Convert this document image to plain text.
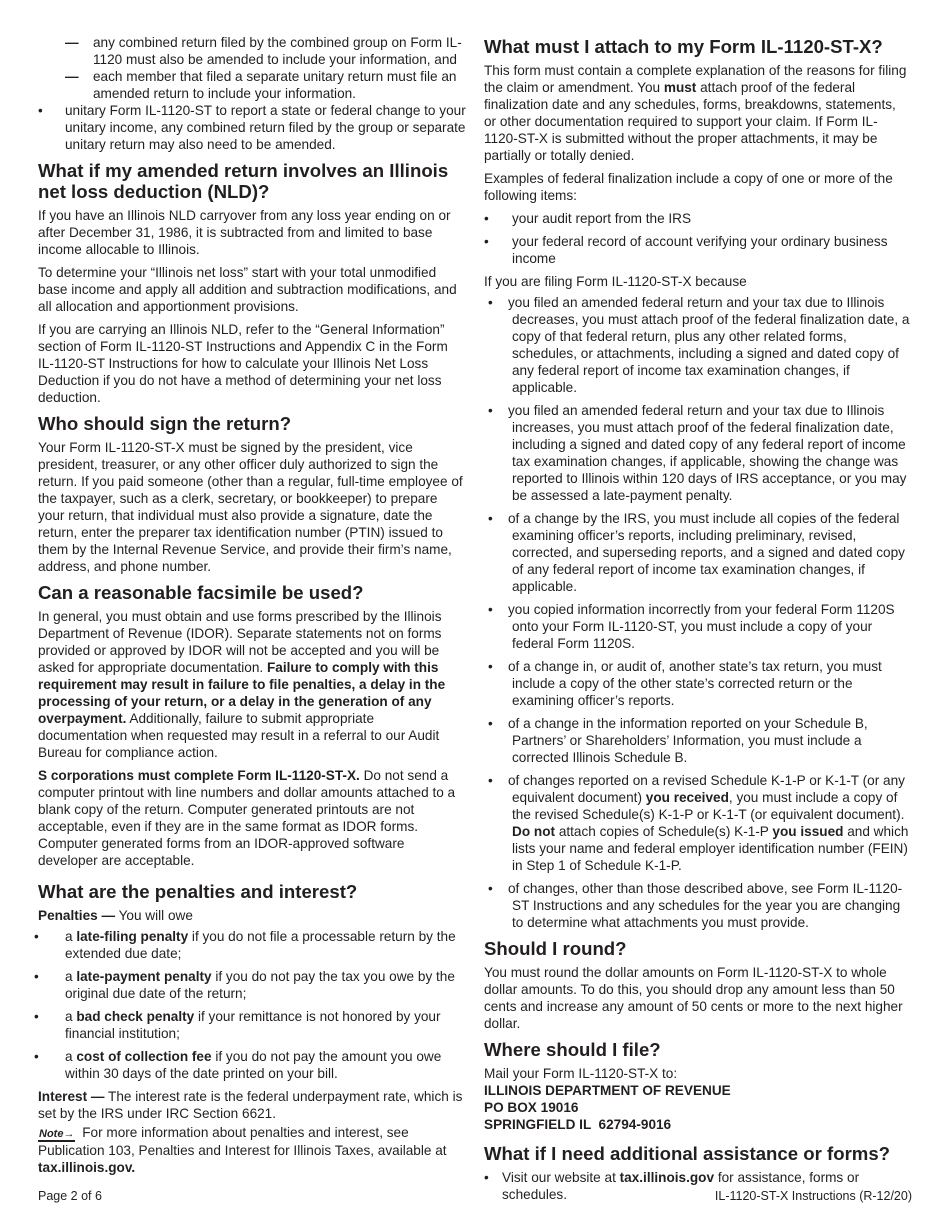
— any combined return filed by the combined group on Form IL-1120 must also be amended to include your information, and
— each member that filed a separate unitary return must file an amended return to include your information.
• unitary Form IL-1120-ST to report a state or federal change to your unitary income, any combined return filed by the group or separate unitary return may also need to be amended.
What if my amended return involves an Illinois net loss deduction (NLD)?

If you have an Illinois NLD carryover from any loss year ending on or after December 31, 1986, it is subtracted from and limited to base income allocable to Illinois.

To determine your “Illinois net loss” start with your total unmodified base income and apply all addition and subtraction modifications, and all allocation and apportionment provisions.

If you are carrying an Illinois NLD, refer to the “General Information” section of Form IL-1120-ST Instructions and Appendix C in the Form IL-1120-ST Instructions for how to calculate your Illinois Net Loss Deduction if you do not have a method of determining your net loss deduction.

Who should sign the return?

Your Form IL-1120-ST-X must be signed by the president, vice president, treasurer, or any other officer duly authorized to sign the return. If you paid someone (other than a regular, full-time employee of the taxpayer, such as a clerk, secretary, or bookkeeper) to prepare your return, that individual must also provide a signature, date the return, enter the preparer tax identification number (PTIN) issued to them by the Internal Revenue Service, and provide their firm’s name, address, and phone number.

Can a reasonable facsimile be used?

In general, you must obtain and use forms prescribed by the Illinois Department of Revenue (IDOR). Separate statements not on forms provided or approved by IDOR will not be accepted and you will be asked for appropriate documentation. Failure to comply with this requirement may result in failure to file penalties, a delay in the processing of your return, or a delay in the generation of any overpayment. Additionally, failure to submit appropriate documentation when requested may result in a referral to our Audit Bureau for compliance action.

S corporations must complete Form IL-1120-ST-X. Do not send a computer printout with line numbers and dollar amounts attached to a blank copy of the return. Computer generated printouts are not acceptable, even if they are in the same format as IDOR forms. Computer generated forms from an IDOR-approved software developer are acceptable.

What are the penalties and interest?

Penalties — You will owe

• a late-filing penalty if you do not file a processable return by the extended due date;
• a late-payment penalty if you do not pay the tax you owe by the original due date of the return;
• a bad check penalty if your remittance is not honored by your financial institution;
• a cost of collection fee if you do not pay the amount you owe within 30 days of the date printed on your bill.

Interest — The interest rate is the federal underpayment rate, which is set by the IRS under IRC Section 6621.

Note→ For more information about penalties and interest, see Publication 103, Penalties and Interest for Illinois Taxes, available at tax.illinois.gov.

What must I attach to my Form IL-1120-ST-X?

This form must contain a complete explanation of the reasons for filing the claim or amendment. You must attach proof of the federal finalization date and any schedules, forms, breakdowns, statements, or other documentation required to support your claim. If Form IL-1120-ST-X is submitted without the proper attachments, it may be partially or totally denied.

Examples of federal finalization include a copy of one or more of the following items:

• your audit report from the IRS
• your federal record of account verifying your ordinary business income

If you are filing Form IL-1120-ST-X because

• you filed an amended federal return and your tax due to Illinois decreases, you must attach proof of the federal finalization date, a copy of that federal return, plus any other related forms, schedules, or attachments, including a signed and dated copy of any federal report of income tax examination changes, if applicable.
• you filed an amended federal return and your tax due to Illinois increases, you must attach proof of the federal finalization date, including a signed and dated copy of any federal report of income tax examination changes, if applicable, showing the change was reported to Illinois within 120 days of IRS acceptance, or you may be assessed a late-payment penalty.
• of a change by the IRS, you must include all copies of the federal examining officer’s reports, including preliminary, revised, corrected, and superseding reports, and a signed and dated copy of any federal report of income tax examination changes, if applicable.
• you copied information incorrectly from your federal Form 1120S onto your Form IL-1120-ST, you must include a copy of your federal Form 1120S.
• of a change in, or audit of, another state’s tax return, you must include a copy of the other state’s corrected return or the examining officer’s reports.
• of a change in the information reported on your Schedule B, Partners’ or Shareholders’ Information, you must include a corrected Illinois Schedule B.
• of changes reported on a revised Schedule K-1-P or K-1-T (or any equivalent document) you received, you must include a copy of the revised Schedule(s) K-1-P or K-1-T (or equivalent document). Do not attach copies of Schedule(s) K-1-P you issued and which lists your name and federal employer identification number (FEIN) in Step 1 of Schedule K-1-P.
• of changes, other than those described above, see Form IL-1120-ST Instructions and any schedules for the year you are changing to determine what attachments you must provide.
Should I round?

You must round the dollar amounts on Form IL-1120-ST-X to whole dollar amounts. To do this, you should drop any amount less than 50 cents and increase any amount of 50 cents or more to the next higher dollar.

Where should I file?

Mail your Form IL-1120-ST-X to:

ILLINOIS DEPARTMENT OF REVENUE

PO BOX 19016

SPRINGFIELD IL  62794-9016

What if I need additional assistance or forms?
• Visit our website at tax.illinois.gov for assistance, forms or schedules.
Page 2 of 6	IL-1120-ST-X Instructions (R-12/20)
